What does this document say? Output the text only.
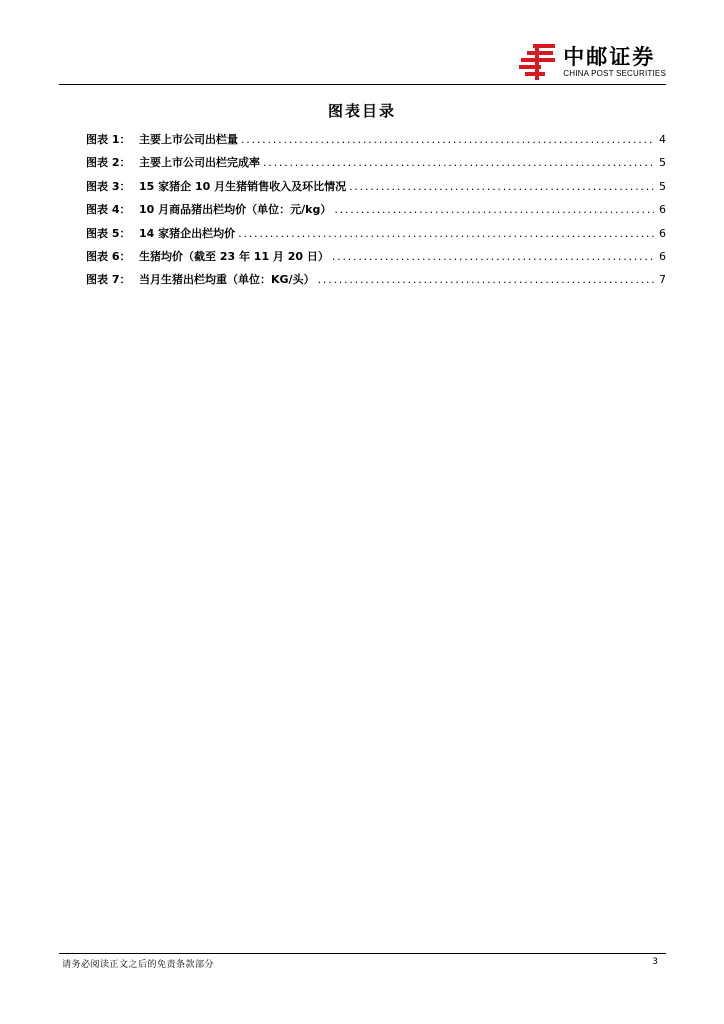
中邮证券
CHINA POST SECURITIES
图表目录
图表 1： 主要上市公司出栏量 .....	4
图表 2： 主要上市公司出栏完成率 .....	5
图表 3： 15 家猪企 10 月生猪销售收入及环比情况 .....	5
图表 4： 10 月商品猪出栏均价（单位：元/kg） .....	6
图表 5： 14 家猪企出栏均价 .....	6
图表 6： 生猪均价（截至 23 年 11 月 20 日） .....	6
图表 7： 当月生猪出栏均重（单位：KG/头） .....	7
请务必阅读正文之后的免责条款部分	3
